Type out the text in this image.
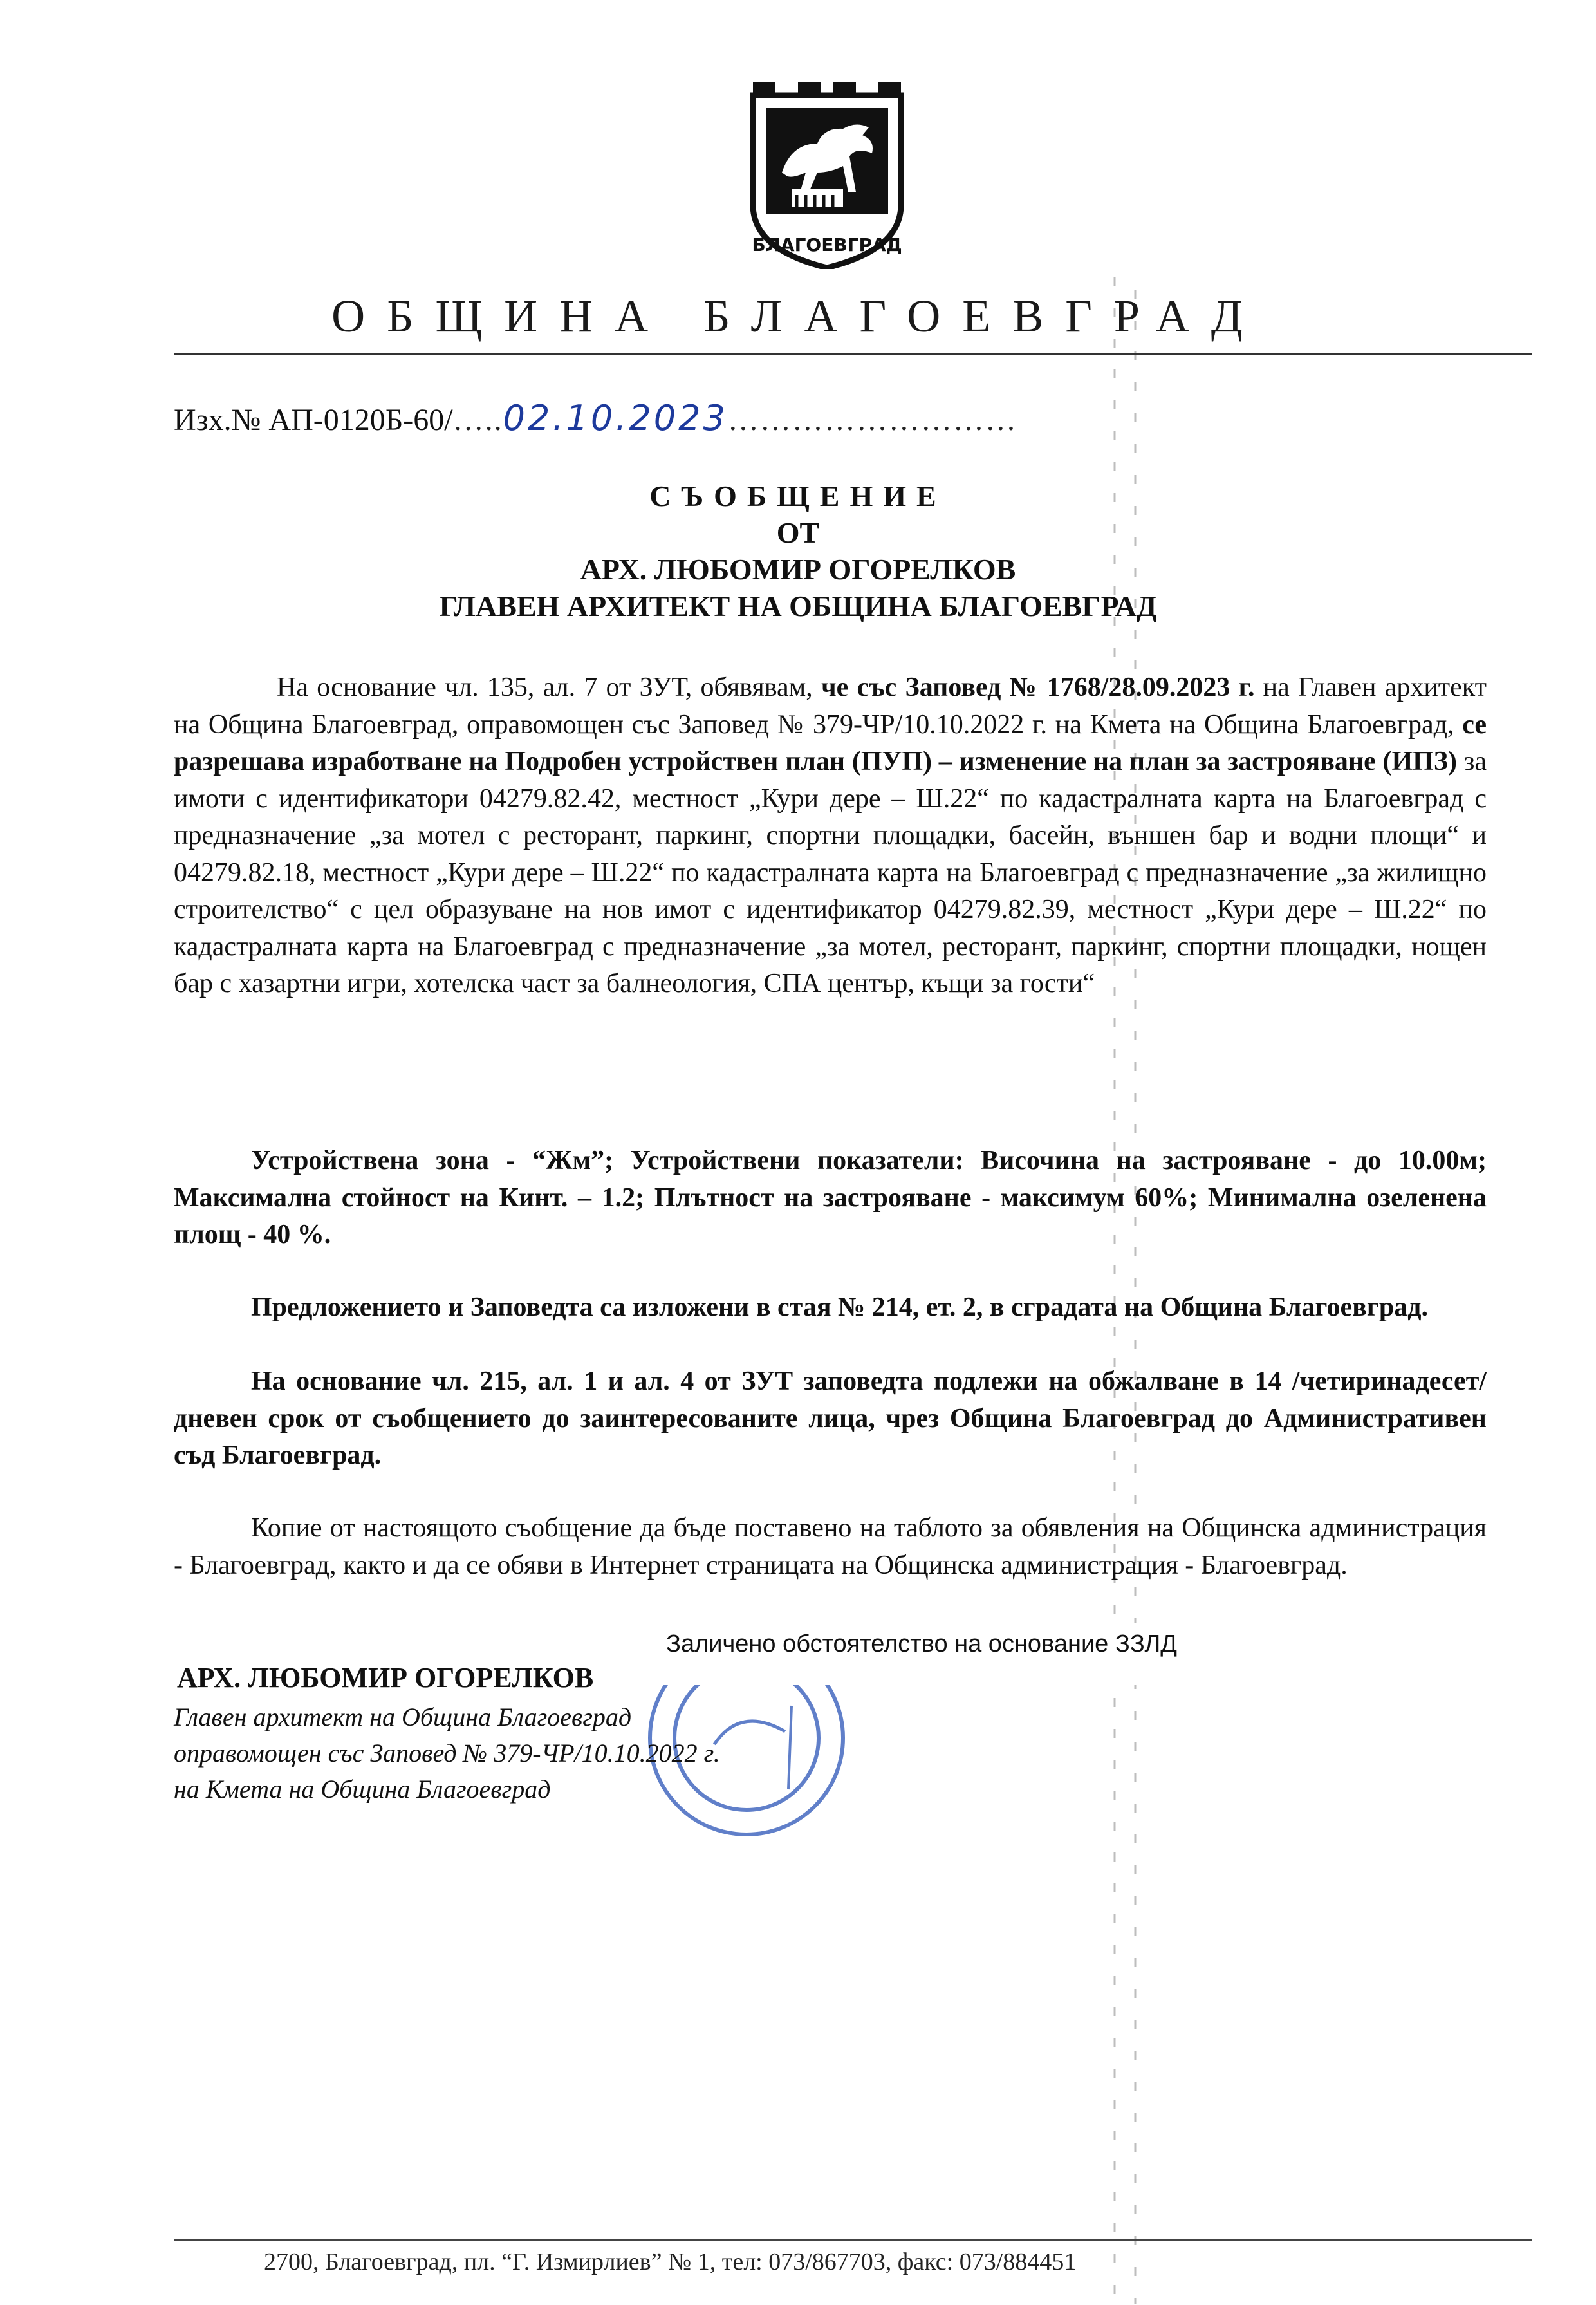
БЛАГОЕВГРАД
ОБЩИНА БЛАГОЕВГРАД
Изх.№ АП-0120Б-60/…..02.10.2023………………………
СЪОБЩЕНИЕ
ОТ
АРХ. ЛЮБОМИР ОГОРЕЛКОВ
ГЛАВЕН АРХИТЕКТ НА ОБЩИНА БЛАГОЕВГРАД
На основание чл. 135, ал. 7 от ЗУТ, обявявам, че със Заповед № 1768/28.09.2023 г. на Главен архитект на Община Благоевград, оправомощен със Заповед № 379-ЧР/10.10.2022 г. на Кмета на Община Благоевград, се разрешава изработване на Подробен устройствен план (ПУП) – изменение на план за застрояване (ИПЗ) за имоти с идентификатори 04279.82.42, местност „Кури дере – Ш.22“ по кадастралната карта на Благоевград с предназначение „за мотел с ресторант, паркинг, спортни площадки, басейн, външен бар и водни площи“ и 04279.82.18, местност „Кури дере – Ш.22“ по кадастралната карта на Благоевград с предназначение „за жилищно строителство“ с цел образуване на нов имот с идентификатор 04279.82.39, местност „Кури дере – Ш.22“ по кадастралната карта на Благоевград с предназначение „за мотел, ресторант, паркинг, спортни площадки, нощен бар с хазартни игри, хотелска част за балнеология, СПА център, къщи за гости“
Устройствена зона - “Жм”; Устройствени показатели: Височина на застрояване - до 10.00м; Максимална стойност на Кинт. – 1.2; Плътност на застрояване - максимум 60%; Минимална озеленена площ - 40 %.
Предложението и Заповедта са изложени в стая № 214, ет. 2, в сградата на Община Благоевград.
На основание чл. 215, ал. 1 и ал. 4 от ЗУТ заповедта подлежи на обжалване в 14 /четиринадесет/ дневен срок от съобщението до заинтересованите лица, чрез Община Благоевград до Административен съд Благоевград.
Копие от настоящото съобщение да бъде поставено на таблото за обявления на Общинска администрация - Благоевград, както и да се обяви в Интернет страницата на Общинска администрация - Благоевград.
Заличено обстоятелство на основание ЗЗЛД
АРХ. ЛЮБОМИР ОГОРЕЛКОВ
Главен архитект на Община Благоевград
оправомощен със Заповед № 379-ЧР/10.10.2022 г.
на Кмета на Община Благоевград
2700, Благоевград, пл. “Г. Измирлиев” № 1, тел: 073/867703, факс: 073/884451
